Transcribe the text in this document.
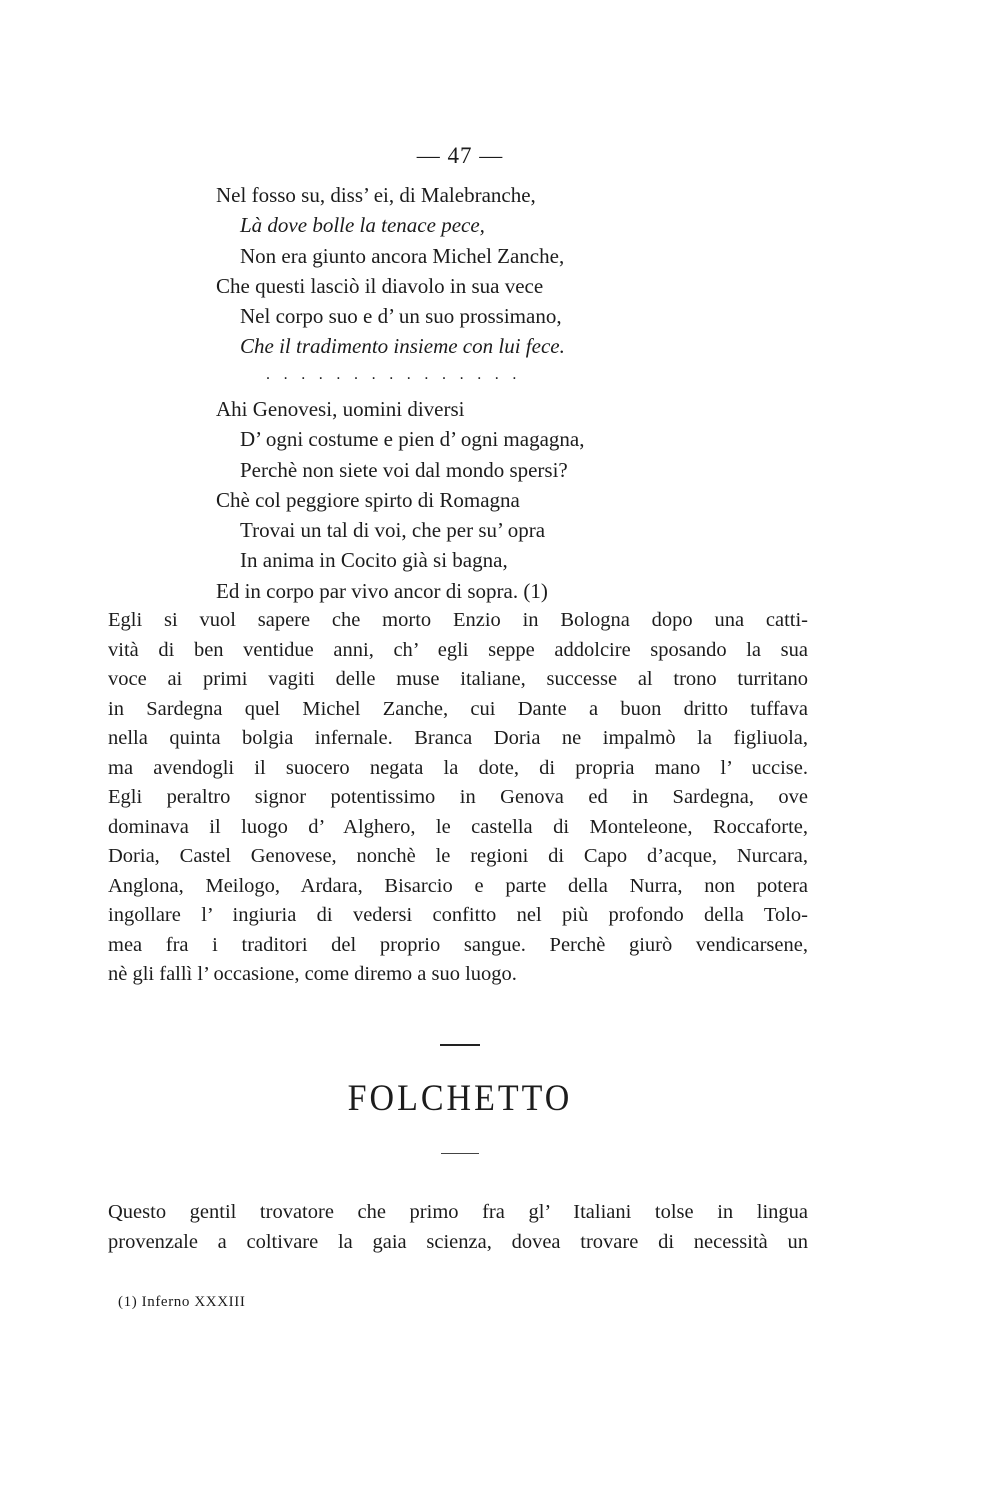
— 47 —
Nel fosso su, diss’ ei, di Malebranche,
Là dove bolle la tenace pece,
Non era giunto ancora Michel Zanche,
Che questi lasciò il diavolo in sua vece
Nel corpo suo e d’ un suo prossimano,
Che il tradimento insieme con lui fece.
...............
Ahi Genovesi, uomini diversi
D’ ogni costume e pien d’ ogni magagna,
Perchè non siete voi dal mondo spersi?
Chè col peggiore spirto di Romagna
Trovai un tal di voi, che per su’ opra
In anima in Cocito già si bagna,
Ed in corpo par vivo ancor di sopra. (1)
Egli si vuol sapere che morto Enzio in Bologna dopo una catti-
vità di ben ventidue anni, ch’ egli seppe addolcire sposando la sua
voce ai primi vagiti delle muse italiane, successe al trono turritano
in Sardegna quel Michel Zanche, cui Dante a buon dritto tuffava
nella quinta bolgia infernale. Branca Doria ne impalmò la figliuola,
ma avendogli il suocero negata la dote, di propria mano l’ uccise.
Egli peraltro signor potentissimo in Genova ed in Sardegna, ove
dominava il luogo d’ Alghero, le castella di Monteleone, Roccaforte,
Doria, Castel Genovese, nonchè le regioni di Capo d’acque, Nurcara,
Anglona, Meilogo, Ardara, Bisarcio e parte della Nurra, non potera
ingollare l’ ingiuria di vedersi confitto nel più profondo della Tolo-
mea fra i traditori del proprio sangue. Perchè giurò vendicarsene,
nè gli fallì l’ occasione, come diremo a suo luogo.
FOLCHETTO
Questo gentil trovatore che primo fra gl’ Italiani tolse in lingua
provenzale a coltivare la gaia scienza, dovea trovare di necessità un
(1) Inferno XXXIII
